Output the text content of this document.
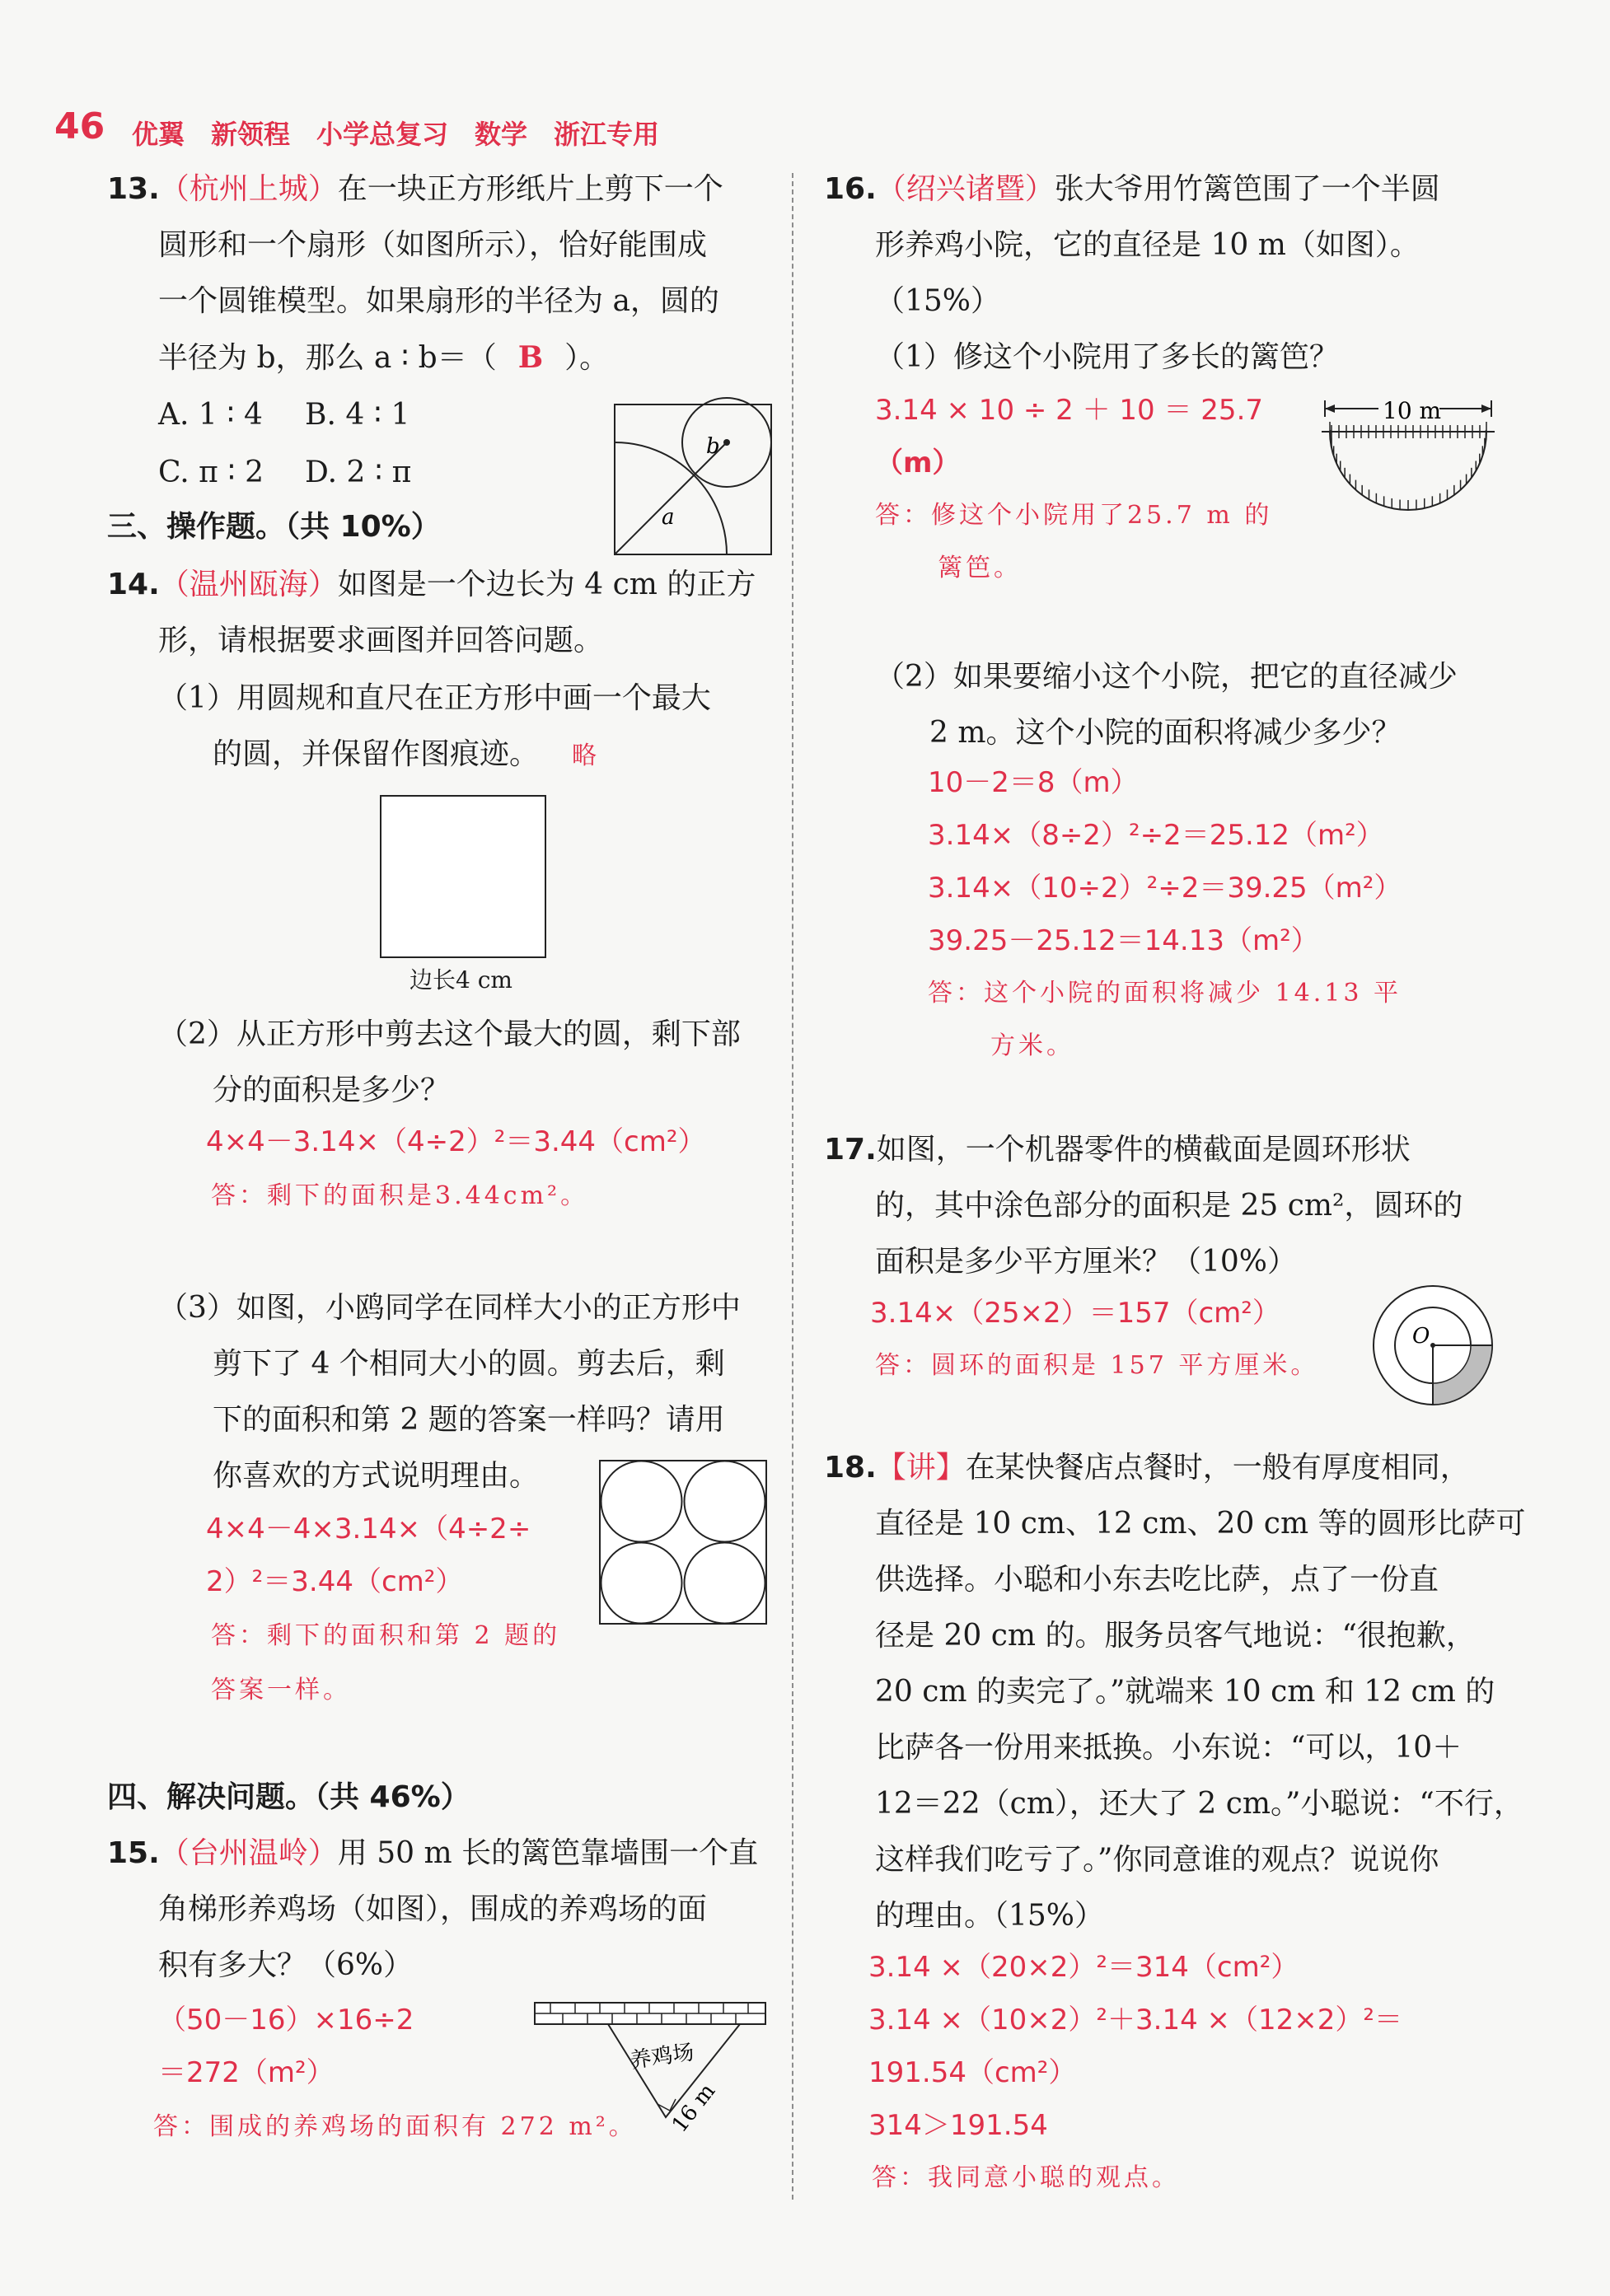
46 优翼　新领程　小学总复习　数学　浙江专用
13.（杭州上城）在一块正方形纸片上剪下一个
圆形和一个扇形（如图所示），恰好能围成
一个圆锥模型。如果扇形的半径为 a，圆的
半径为 b，那么 a ∶ b＝（ B ）。
A. 1 ∶ 4 B. 4 ∶ 1
C. π ∶ 2 D. 2 ∶ π
b
a
三、操作题。（共 10%）
14.（温州瓯海）如图是一个边长为 4 cm 的正方
形，请根据要求画图并回答问题。
（1）用圆规和直尺在正方形中画一个最大
的圆，并保留作图痕迹。 略
边长4 cm
（2）从正方形中剪去这个最大的圆，剩下部
分的面积是多少？
4×4－3.14×（4÷2）²＝3.44（cm²）
答：剩下的面积是3.44cm²。
（3）如图，小鸥同学在同样大小的正方形中
剪下了 4 个相同大小的圆。剪去后，剩
下的面积和第 2 题的答案一样吗？请用
你喜欢的方式说明理由。
4×4－4×3.14×（4÷2÷
2）²＝3.44（cm²）
答：剩下的面积和第 2 题的
答案一样。
四、解决问题。（共 46%）
15.（台州温岭）用 50 m 长的篱笆靠墙围一个直
角梯形养鸡场（如图），围成的养鸡场的面
积有多大？（6%）
（50－16）×16÷2
＝272（m²）
答：围成的养鸡场的面积有 272 m²。
养鸡场
16 m
16.（绍兴诸暨）张大爷用竹篱笆围了一个半圆
形养鸡小院，它的直径是 10 m（如图）。
（15%）
（1）修这个小院用了多长的篱笆？
3.14 × 10 ÷ 2 ＋ 10 ＝ 25.7
（m）
答：修这个小院用了25.7 m 的
篱笆。
10 m
（2）如果要缩小这个小院，把它的直径减少
2 m。这个小院的面积将减少多少？
10－2＝8（m）
3.14×（8÷2）²÷2＝25.12（m²）
3.14×（10÷2）²÷2＝39.25（m²）
39.25－25.12＝14.13（m²）
答：这个小院的面积将减少 14.13 平
方米。
17.如图，一个机器零件的横截面是圆环形状
的，其中涂色部分的面积是 25 cm²，圆环的
面积是多少平方厘米？（10%）
3.14×（25×2）＝157（cm²）
答：圆环的面积是 157 平方厘米。
O
18.【讲】在某快餐店点餐时，一般有厚度相同，
直径是 10 cm、12 cm、20 cm 等的圆形比萨可
供选择。小聪和小东去吃比萨，点了一份直
径是 20 cm 的。服务员客气地说：“很抱歉，
20 cm 的卖完了。”就端来 10 cm 和 12 cm 的
比萨各一份用来抵换。小东说：“可以，10＋
12＝22（cm），还大了 2 cm。”小聪说：“不行，
这样我们吃亏了。”你同意谁的观点？说说你
的理由。（15%）
3.14 ×（20×2）²＝314（cm²）
3.14 ×（10×2）²＋3.14 ×（12×2）²＝
191.54（cm²）
314＞191.54
答：我同意小聪的观点。
